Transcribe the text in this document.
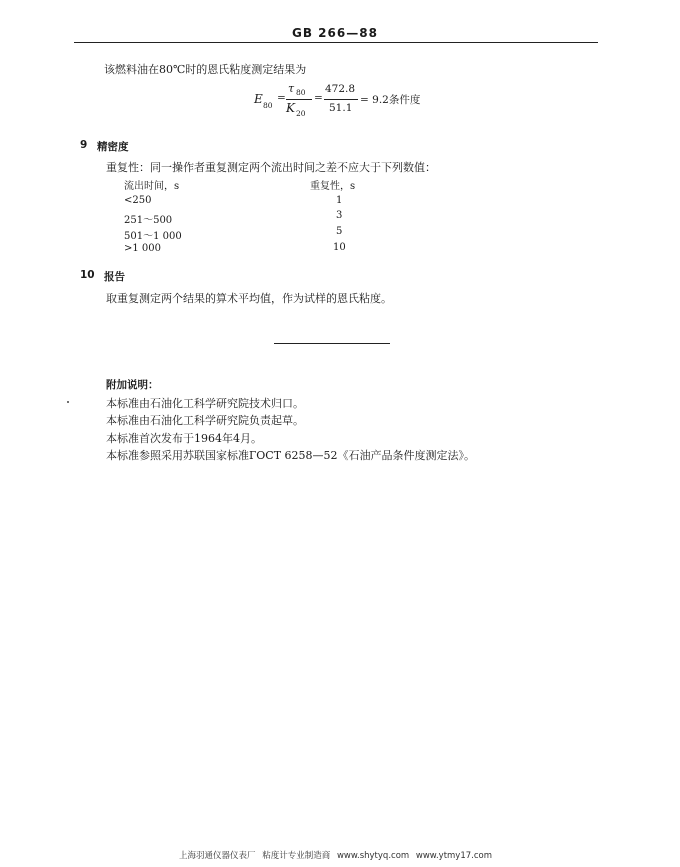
GB 266—88
该燃料油在80℃时的恩氏粘度测定结果为
E 80
=
τ 80
K 20
=
472.8
51.1
= 9.2条件度
9 精密度
重复性：同一操作者重复测定两个流出时间之差不应大于下列数值：
流出时间，s	重复性，s
<250	1
251～500	3
501～1 000	5
>1 000	10
10 报告
取重复测定两个结果的算术平均值，作为试样的恩氏粘度。
附加说明：
本标准由石油化工科学研究院技术归口。
本标准由石油化工科学研究院负责起草。
本标准首次发布于1964年4月。
本标准参照采用苏联国家标准ГОСТ 6258—52《石油产品条件度测定法》。
上海羽通仪器仪表厂 粘度计专业制造商 www.shytyq.com www.ytmy17.com
